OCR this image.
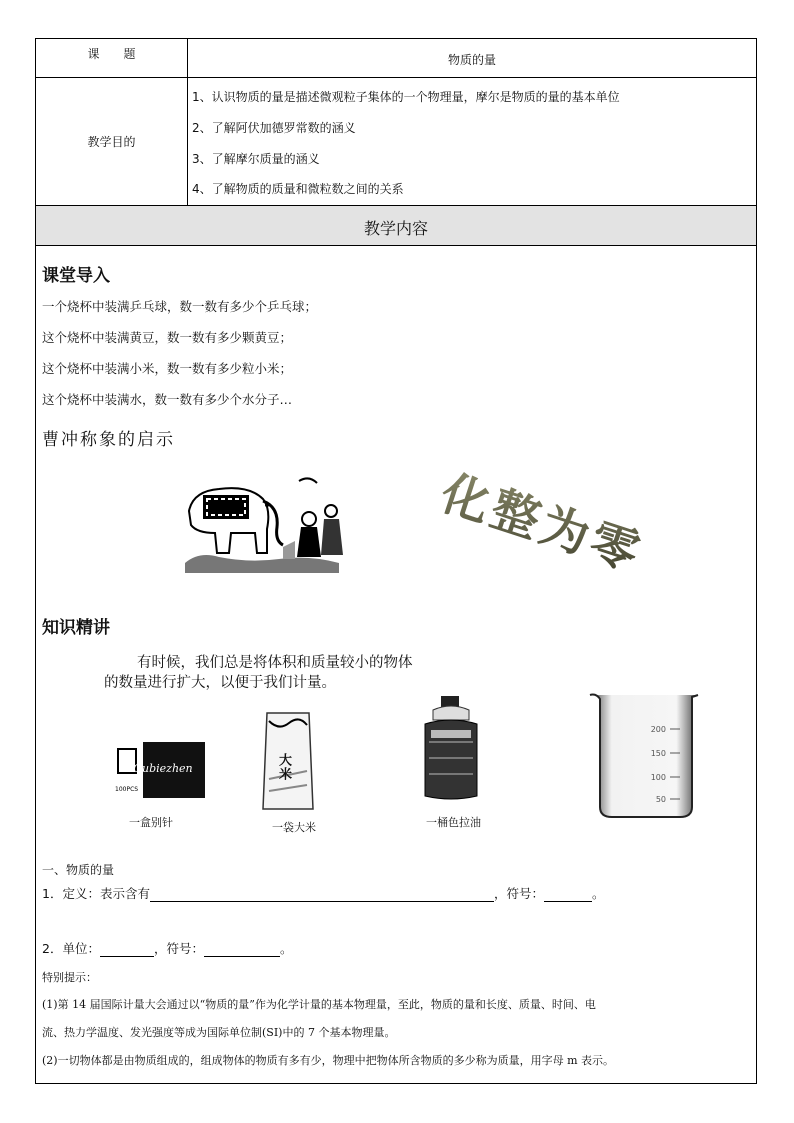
课　　题	物质的量
教学目的
1、认识物质的量是描述微观粒子集体的一个物理量，摩尔是物质的量的基本单位
2、了解阿伏加德罗常数的涵义
3、了解摩尔质量的涵义
4、了解物质的质量和微粒数之间的关系
教学内容
课堂导入
一个烧杯中装满乒乓球，数一数有多少个乒乓球；
这个烧杯中装满黄豆，数一数有多少颗黄豆；
这个烧杯中装满小米，数一数有多少粒小米；
这个烧杯中装满水，数一数有多少个水分子…
曹冲称象的启示
化整为零
知识精讲
有时候，我们总是将体积和质量较小的物体
的数量进行扩大，以便于我们计量。
Qubiezhen
100PCS
一盒别针
大米
一袋大米	一桶色拉油
200
150
100
50
一、物质的量
1．定义：表示含有	，符号：	。
2．单位：	，符号：	。
特别提示：
(1)第 14 届国际计量大会通过以“物质的量”作为化学计量的基本物理量，至此，物质的量和长度、质量、时间、电
流、热力学温度、发光强度等成为国际单位制(SI)中的 7 个基本物理量。
(2)一切物体都是由物质组成的，组成物体的物质有多有少，物理中把物体所含物质的多少称为质量，用字母 m 表示。
